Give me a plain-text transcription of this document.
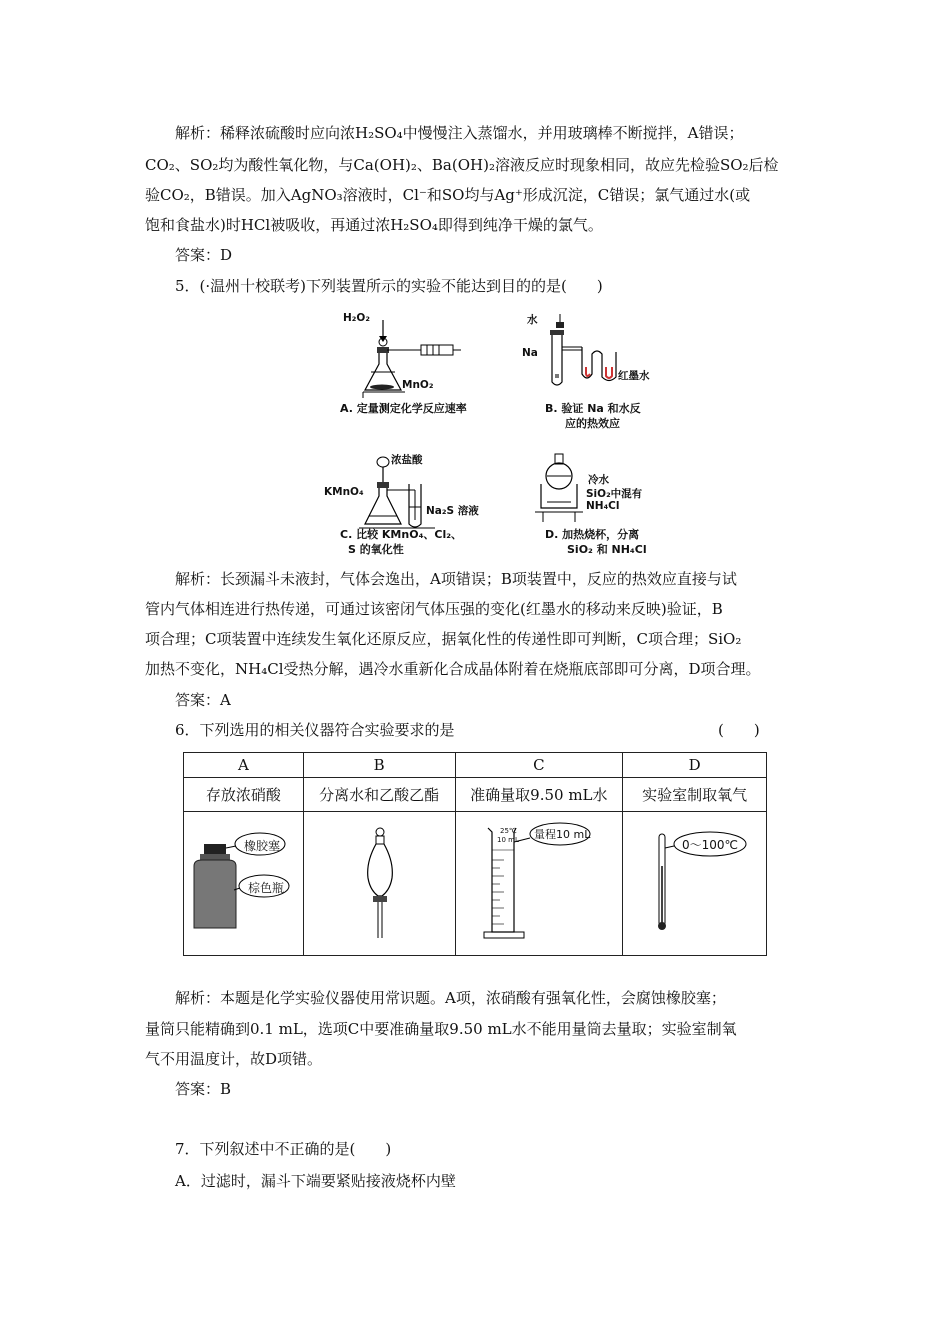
解析：稀释浓硫酸时应向浓H₂SO₄中慢慢注入蒸馏水，并用玻璃棒不断搅拌，A错误；

CO₂、SO₂均为酸性氧化物，与Ca(OH)₂、Ba(OH)₂溶液反应时现象相同，故应先检验SO₂后检

验CO₂，B错误。加入AgNO₃溶液时，Cl⁻和SO均与Ag⁺形成沉淀，C错误；氯气通过水(或

饱和食盐水)时HCl被吸收，再通过浓H₂SO₄即得到纯净干燥的氯气。

答案：D

5．(·温州十校联考)下列装置所示的实验不能达到目的的是(　　)

H₂O₂
MnO₂
A. 定量测定化学反应速率
水
Na
红墨水
B. 验证 Na 和水反
应的热效应
浓盐酸
KMnO₄
Na₂S 溶液
C. 比较 KMnO₄、Cl₂、
S 的氧化性
冷水
SiO₂中混有
NH₄Cl
D. 加热烧杯，分离
SiO₂ 和 NH₄Cl

解析：长颈漏斗未液封，气体会逸出，A项错误；B项装置中，反应的热效应直接与试

管内气体相连进行热传递，可通过该密闭气体压强的变化(红墨水的移动来反映)验证，B

项合理；C项装置中连续发生氧化还原反应，据氧化性的传递性即可判断，C项合理；SiO₂

加热不变化，NH₄Cl受热分解，遇冷水重新化合成晶体附着在烧瓶底部即可分离，D项合理。

答案：A

6．下列选用的相关仪器符合实验要求的是	(　　)
A	B	C	D
存放浓硝酸	分离水和乙酸乙酯	准确量取9.50 mL水	实验室制取氧气

橡胶塞
棕色瓶
25℃
10 mL 量程10 mL
0～100℃

解析：本题是化学实验仪器使用常识题。A项，浓硝酸有强氧化性，会腐蚀橡胶塞；

量筒只能精确到0.1 mL，选项C中要准确量取9.50 mL水不能用量筒去量取；实验室制氧

气不用温度计，故D项错。

答案：B

7．下列叙述中不正确的是(　　)

A．过滤时，漏斗下端要紧贴接液烧杯内壁
